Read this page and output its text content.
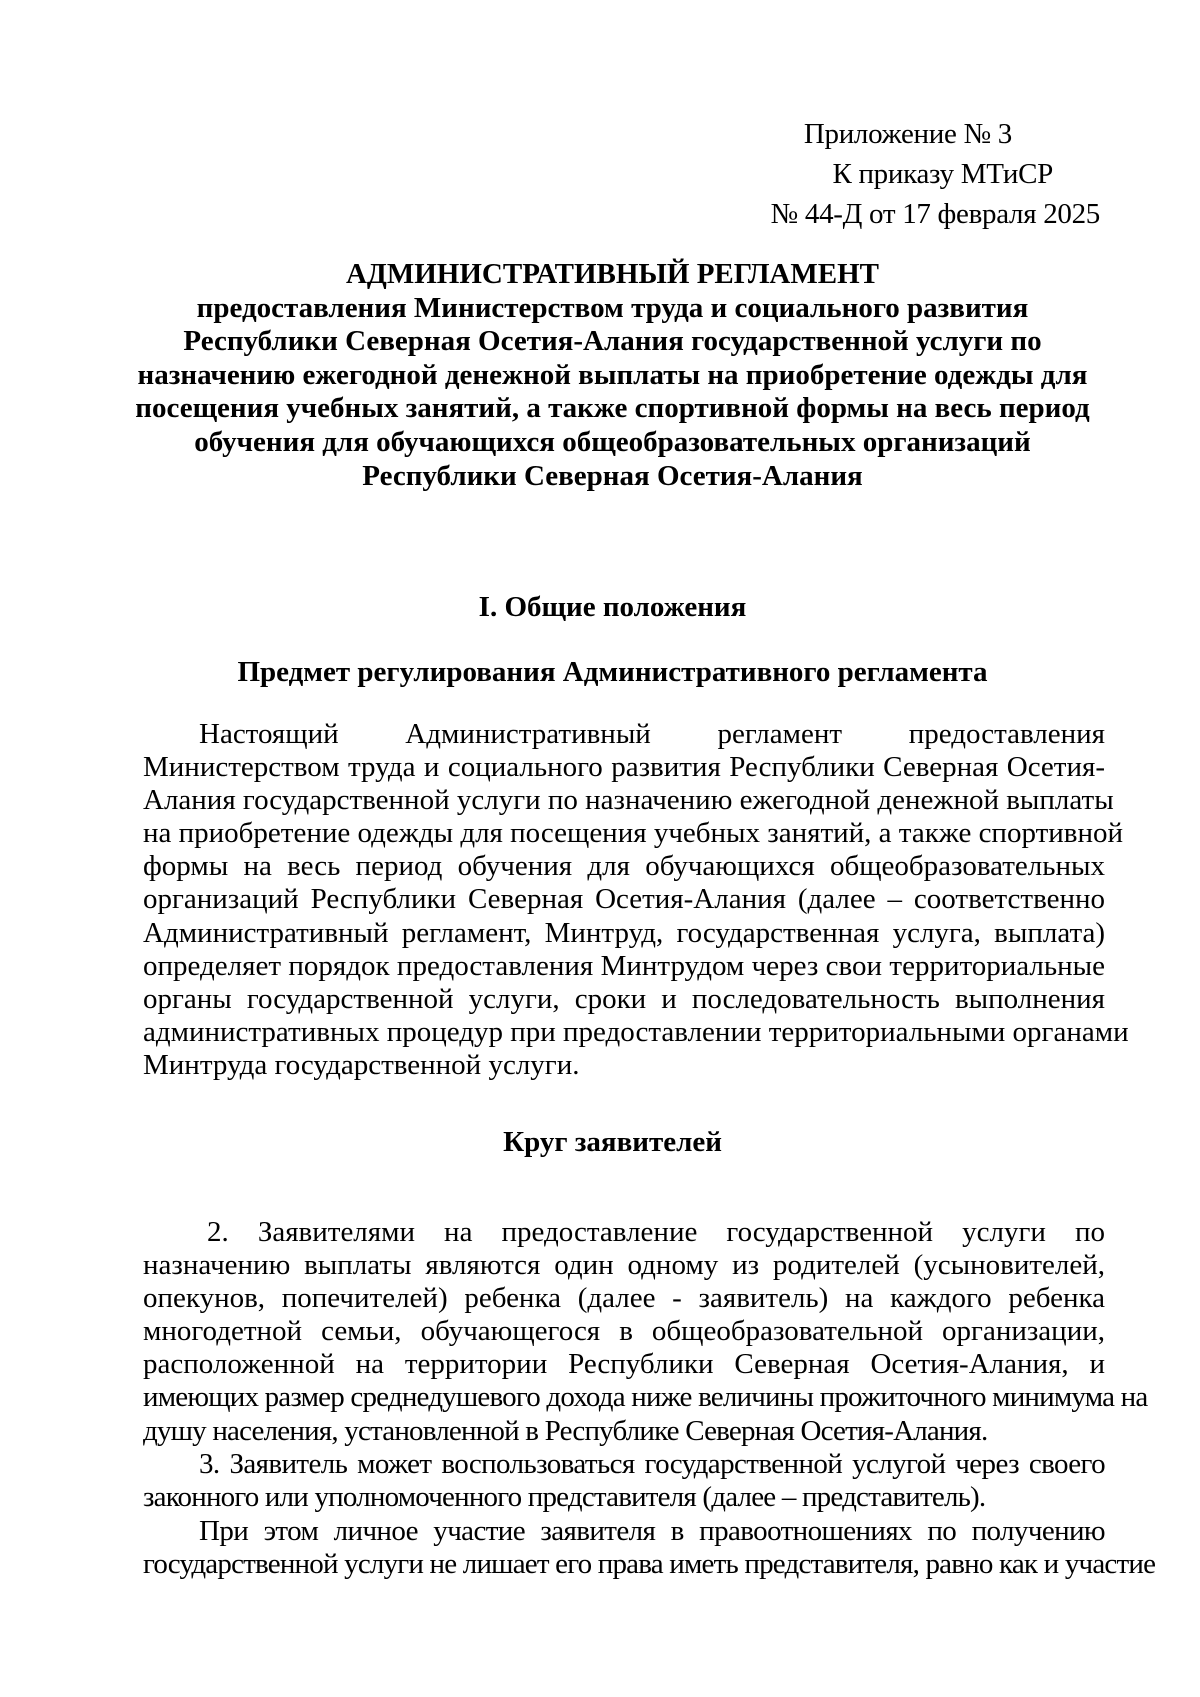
Приложение № 3
К приказу МТиСР
№ 44-Д от 17 февраля 2025
АДМИНИСТРАТИВНЫЙ РЕГЛАМЕНТ
предоставления Министерством труда и социального развития
Республики Северная Осетия-Алания государственной услуги по
назначению ежегодной денежной выплаты на приобретение одежды для
посещения учебных занятий, а также спортивной формы на весь период
обучения для обучающихся общеобразовательных организаций
Республики Северная Осетия-Алания
I. Общие положения
Предмет регулирования Административного регламента
Настоящий Административный регламент предоставления
Министерством труда и социального развития Республики Северная Осетия-
Алания государственной услуги по назначению ежегодной денежной выплаты
на приобретение одежды для посещения учебных занятий, а также спортивной
формы на весь период обучения для обучающихся общеобразовательных
организаций Республики Северная Осетия-Алания (далее – соответственно
Административный регламент, Минтруд, государственная услуга, выплата)
определяет порядок предоставления Минтрудом через свои территориальные
органы государственной услуги, сроки и последовательность выполнения
административных процедур при предоставлении территориальными органами
Минтруда государственной услуги.
Круг заявителей
2. Заявителями на предоставление государственной услуги по
назначению выплаты являются один одному из родителей (усыновителей,
опекунов, попечителей) ребенка (далее - заявитель) на каждого ребенка
многодетной семьи, обучающегося в общеобразовательной организации,
расположенной на территории Республики Северная Осетия-Алания, и
имеющих размер среднедушевого дохода ниже величины прожиточного минимума на
душу населения, установленной в Республике Северная Осетия-Алания.
3. Заявитель может воспользоваться государственной услугой через своего
законного или уполномоченного представителя (далее – представитель).
При этом личное участие заявителя в правоотношениях по получению
государственной услуги не лишает его права иметь представителя, равно как и участие
